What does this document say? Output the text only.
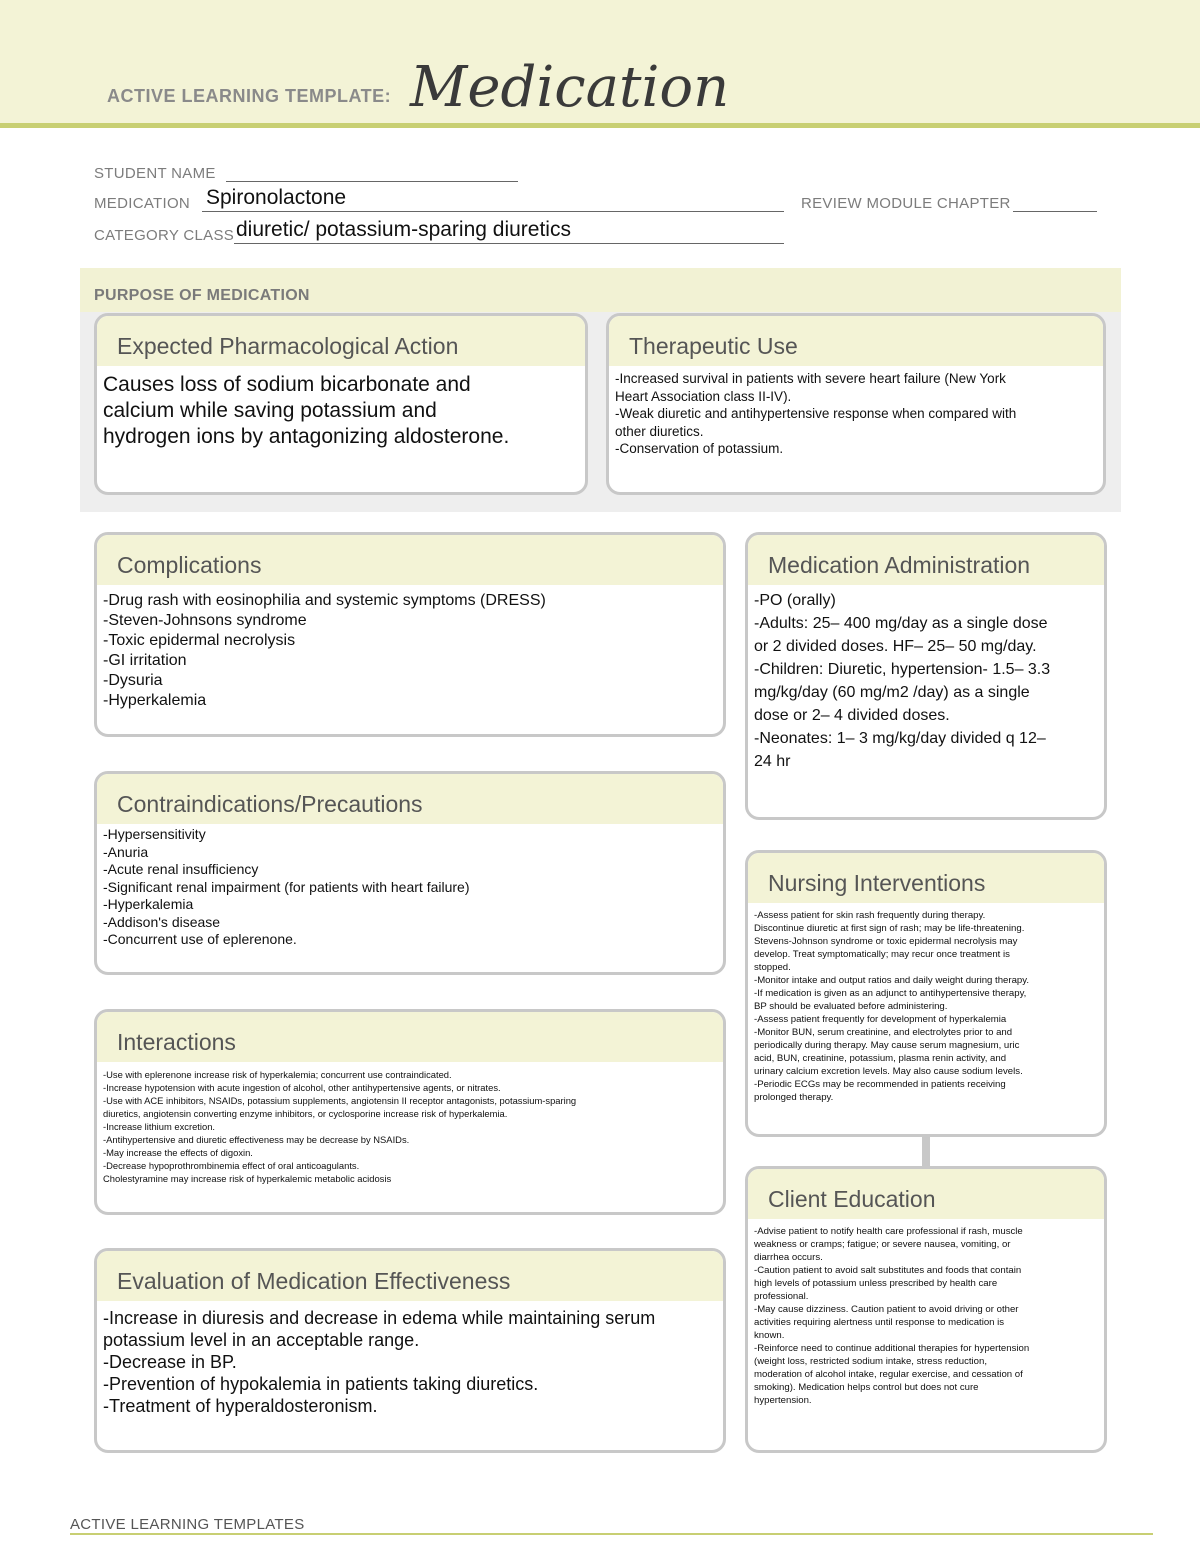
ACTIVE LEARNING TEMPLATE: Medication
STUDENT NAME
MEDICATION Spironolactone	REVIEW MODULE CHAPTER
CATEGORY CLASS diuretic/ potassium-sparing diuretics
PURPOSE OF MEDICATION
Expected Pharmacological Action
Causes loss of sodium bicarbonate and
calcium while saving potassium and
hydrogen ions by antagonizing aldosterone.
Therapeutic Use
-Increased survival in patients with severe heart failure (New York
Heart Association class II-IV).
-Weak diuretic and antihypertensive response when compared with
other diuretics.
-Conservation of potassium.
Complications
-Drug rash with eosinophilia and systemic symptoms (DRESS)
-Steven-Johnsons syndrome
-Toxic epidermal necrolysis
-GI irritation
-Dysuria
-Hyperkalemia
Medication Administration
-PO (orally)
-Adults: 25– 400 mg/day as a single dose
or 2 divided doses. HF– 25– 50 mg/day.
-Children: Diuretic, hypertension- 1.5– 3.3
mg/kg/day (60 mg/m2 /day) as a single
dose or 2– 4 divided doses.
-Neonates: 1– 3 mg/kg/day divided q 12–
24 hr
Contraindications/Precautions
-Hypersensitivity
-Anuria
-Acute renal insufficiency
-Significant renal impairment (for patients with heart failure)
-Hyperkalemia
-Addison's disease
-Concurrent use of eplerenone.
Nursing Interventions
-Assess patient for skin rash frequently during therapy.
Discontinue diuretic at first sign of rash; may be life-threatening.
Stevens-Johnson syndrome or toxic epidermal necrolysis may
develop. Treat symptomatically; may recur once treatment is
stopped.
-Monitor intake and output ratios and daily weight during therapy.
-If medication is given as an adjunct to antihypertensive therapy,
BP should be evaluated before administering.
-Assess patient frequently for development of hyperkalemia
-Monitor BUN, serum creatinine, and electrolytes prior to and
periodically during therapy. May cause serum magnesium, uric
acid, BUN, creatinine, potassium, plasma renin activity, and
urinary calcium excretion levels. May also cause sodium levels.
-Periodic ECGs may be recommended in patients receiving
prolonged therapy.
Interactions
-Use with eplerenone increase risk of hyperkalemia; concurrent use contraindicated.
-Increase hypotension with acute ingestion of alcohol, other antihypertensive agents, or nitrates.
-Use with ACE inhibitors, NSAIDs, potassium supplements, angiotensin II receptor antagonists, potassium-sparing
diuretics, angiotensin converting enzyme inhibitors, or cyclosporine increase risk of hyperkalemia.
-Increase lithium excretion.
-Antihypertensive and diuretic effectiveness may be decrease by NSAIDs.
-May increase the effects of digoxin.
-Decrease hypoprothrombinemia effect of oral anticoagulants.
Cholestyramine may increase risk of hyperkalemic metabolic acidosis
Client Education
-Advise patient to notify health care professional if rash, muscle
weakness or cramps; fatigue; or severe nausea, vomiting, or
diarrhea occurs.
-Caution patient to avoid salt substitutes and foods that contain
high levels of potassium unless prescribed by health care
professional.
-May cause dizziness. Caution patient to avoid driving or other
activities requiring alertness until response to medication is
known.
-Reinforce need to continue additional therapies for hypertension
(weight loss, restricted sodium intake, stress reduction,
moderation of alcohol intake, regular exercise, and cessation of
smoking). Medication helps control but does not cure
hypertension.
Evaluation of Medication Effectiveness
-Increase in diuresis and decrease in edema while maintaining serum
potassium level in an acceptable range.
-Decrease in BP.
-Prevention of hypokalemia in patients taking diuretics.
-Treatment of hyperaldosteronism.
ACTIVE LEARNING TEMPLATES
